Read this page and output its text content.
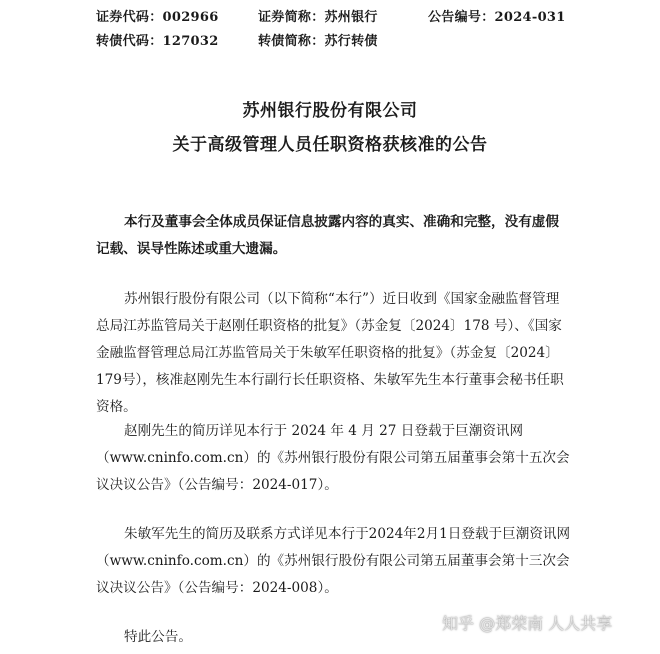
证券代码：002966	证券简称：苏州银行	公告编号：2024-031
转债代码：127032	转债简称：苏行转债
苏州银行股份有限公司
关于高级管理人员任职资格获核准的公告
本行及董事会全体成员保证信息披露内容的真实、准确和完整，没有虚假记载、误导性陈述或重大遗漏。
苏州银行股份有限公司（以下简称“本行”）近日收到《国家金融监督管理总局江苏监管局关于赵刚任职资格的批复》（苏金复〔2024〕178 号）、《国家金融监督管理总局江苏监管局关于朱敏军任职资格的批复》（苏金复〔2024〕179号），核准赵刚先生本行副行长任职资格、朱敏军先生本行董事会秘书任职资格。
赵刚先生的简历详见本行于 2024 年 4 月 27 日登载于巨潮资讯网（www.cninfo.com.cn）的《苏州银行股份有限公司第五届董事会第十五次会议决议公告》（公告编号：2024-017）。
朱敏军先生的简历及联系方式详见本行于2024年2月1日登载于巨潮资讯网（www.cninfo.com.cn）的《苏州银行股份有限公司第五届董事会第十三次会议决议公告》（公告编号：2024-008）。
特此公告。
知乎 @郑荣南 人人共享
